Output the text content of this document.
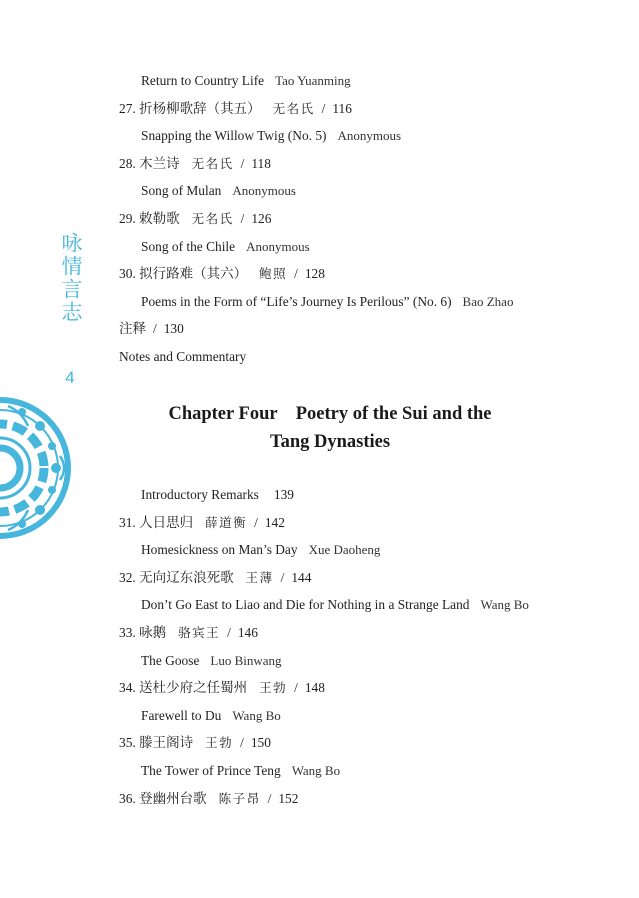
咏情言志
4
Return to Country Life Tao Yuanming
27. 折杨柳歌辞（其五） 无名氏 / 116
Snapping the Willow Twig (No. 5) Anonymous
28. 木兰诗 无名氏 / 118
Song of Mulan Anonymous
29. 敕勒歌 无名氏 / 126
Song of the Chile Anonymous
30. 拟行路难（其六） 鲍照 / 128
Poems in the Form of “Life’s Journey Is Perilous” (No. 6) Bao Zhao
注释 / 130
Notes and Commentary
Chapter Four    Poetry of the Sui and the
Tang Dynasties
Introductory Remarks 139
31. 人日思归 薛道衡 / 142
Homesickness on Man’s Day Xue Daoheng
32. 无向辽东浪死歌 王薄 / 144
Don’t Go East to Liao and Die for Nothing in a Strange Land Wang Bo
33. 咏鹅 骆宾王 / 146
The Goose Luo Binwang
34. 送杜少府之任蜀州 王勃 / 148
Farewell to Du Wang Bo
35. 滕王阁诗 王勃 / 150
The Tower of Prince Teng Wang Bo
36. 登幽州台歌 陈子昂 / 152
